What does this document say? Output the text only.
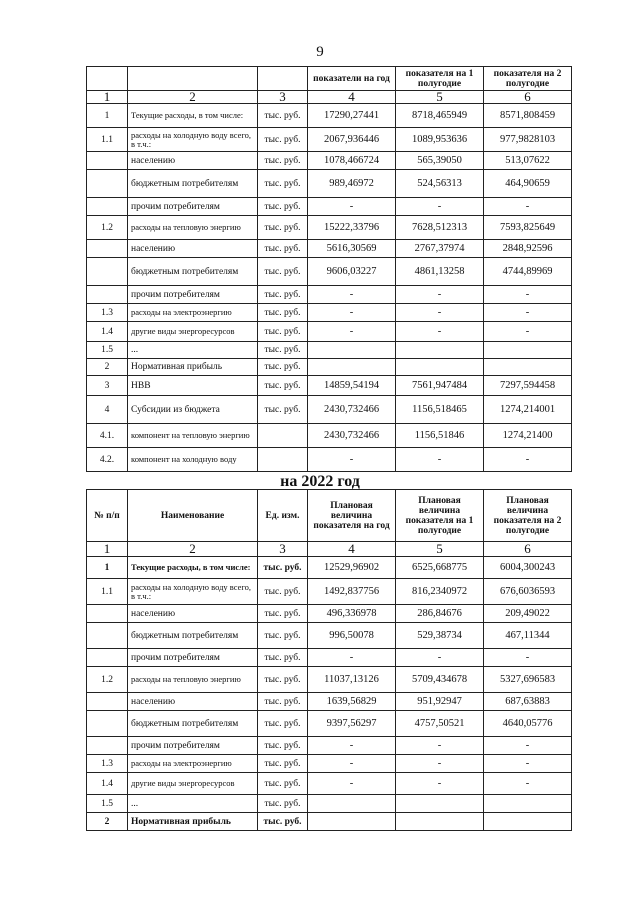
9
			показатели на год	показателя на 1 полугодие	показателя на 2 полугодие
1	2	3	4	5	6
1	Текущие расходы, в том числе:	тыс. руб.	17290,27441	8718,465949	8571,808459
1.1	расходы на холодную воду всего, в т.ч.:	тыс. руб.	2067,936446	1089,953636	977,9828103
	населению	тыс. руб.	1078,466724	565,39050	513,07622
	бюджетным потребителям	тыс. руб.	989,46972	524,56313	464,90659
	прочим потребителям	тыс. руб.	-	-	-
1.2	расходы на тепловую энергию	тыс. руб.	15222,33796	7628,512313	7593,825649
	населению	тыс. руб.	5616,30569	2767,37974	2848,92596
	бюджетным потребителям	тыс. руб.	9606,03227	4861,13258	4744,89969
	прочим потребителям	тыс. руб.	-	-	-
1.3	расходы на электроэнергию	тыс. руб.	-	-	-
1.4	другие виды энергоресурсов	тыс. руб.	-	-	-
1.5	...	тыс. руб.			
2	Нормативная прибыль	тыс. руб.			
3	НВВ	тыс. руб.	14859,54194	7561,947484	7297,594458
4	Субсидии из бюджета	тыс. руб.	2430,732466	1156,518465	1274,214001
4.1.	компонент на тепловую энергию		2430,732466	1156,51846	1274,21400
4.2.	компонент на холодную воду		-	-	-
на 2022 год
№ п/п	Наименование	Ед. изм.	Плановая величина показателя на год	Плановая величина показателя на 1 полугодие	Плановая величина показателя на 2 полугодие
1	2	3	4	5	6
1	Текущие расходы, в том числе:	тыс. руб.	12529,96902	6525,668775	6004,300243
1.1	расходы на холодную воду всего, в т.ч.:	тыс. руб.	1492,837756	816,2340972	676,6036593
	населению	тыс. руб.	496,336978	286,84676	209,49022
	бюджетным потребителям	тыс. руб.	996,50078	529,38734	467,11344
	прочим потребителям	тыс. руб.	-	-	-
1.2	расходы на тепловую энергию	тыс. руб.	11037,13126	5709,434678	5327,696583
	населению	тыс. руб.	1639,56829	951,92947	687,63883
	бюджетным потребителям	тыс. руб.	9397,56297	4757,50521	4640,05776
	прочим потребителям	тыс. руб.	-	-	-
1.3	расходы на электроэнергию	тыс. руб.	-	-	-
1.4	другие виды энергоресурсов	тыс. руб.	-	-	-
1.5	...	тыс. руб.			
2	Нормативная прибыль	тыс. руб.			
